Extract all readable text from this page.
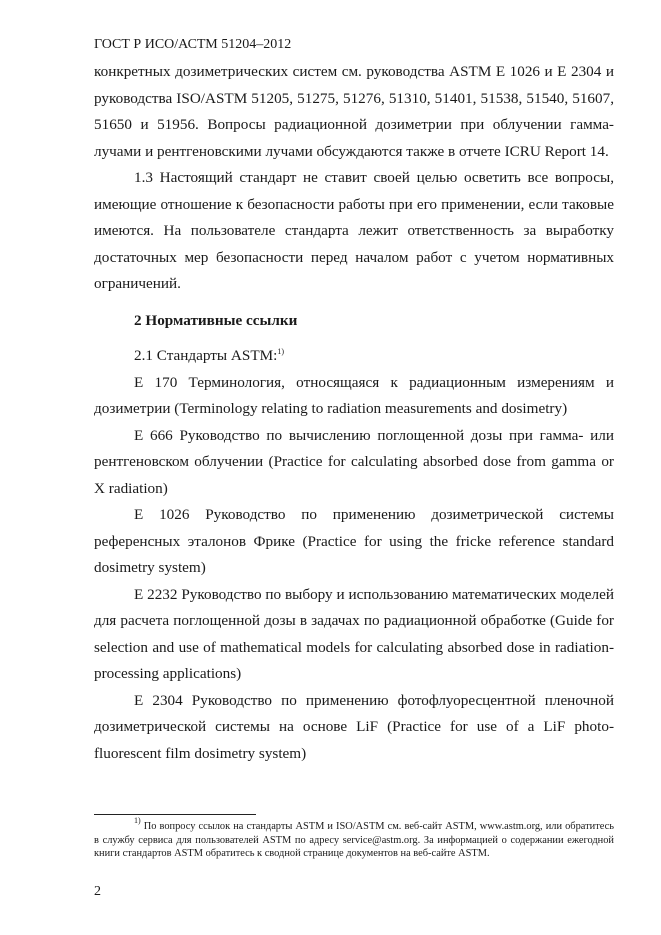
ГОСТ Р ИСО/АСТМ 51204–2012

конкретных дозиметрических систем см. руководства ASTM E 1026 и E 2304 и руководства ISO/ASTM 51205, 51275, 51276, 51310, 51401, 51538, 51540, 51607, 51650 и 51956. Вопросы радиационной дозиметрии при облучении гамма-лучами и рентгеновскими лучами обсуждаются также в отчете ICRU Report 14.

1.3 Настоящий стандарт не ставит своей целью осветить все вопросы, имеющие отношение к безопасности работы при его применении, если таковые имеются. На пользователе стандарта лежит ответственность за выработку достаточных мер безопасности перед началом работ с учетом нормативных ограничений.

2 Нормативные ссылки

2.1 Стандарты ASTM:$^{1)}$

E 170 Терминология, относящаяся к радиационным измерениям и дозиметрии (Terminology relating to radiation measurements and dosimetry)

E 666 Руководство по вычислению поглощенной дозы при гамма- или рентгеновском облучении (Practice for calculating absorbed dose from gamma or X radiation)

E 1026 Руководство по применению дозиметрической системы референсных эталонов Фрике (Practice for using the fricke reference standard dosimetry system)

E 2232 Руководство по выбору и использованию математических моделей для расчета поглощенной дозы в задачах по радиационной обработке (Guide for selection and use of mathematical models for calculating absorbed dose in radiation-processing applications)

E 2304 Руководство по применению фотофлуоресцентной пленочной дозиметрической системы на основе LiF (Practice for use of a LiF photo-fluorescent film dosimetry system)

$^{1)}$ По вопросу ссылок на стандарты ASTM и ISO/ASTM см. веб-сайт ASTM, www.astm.org, или обратитесь в службу сервиса для пользователей ASTM по адресу service@astm.org. За информацией о содержании ежегодной книги стандартов ASTM обратитесь к сводной странице документов на веб-сайте ASTM.

2
